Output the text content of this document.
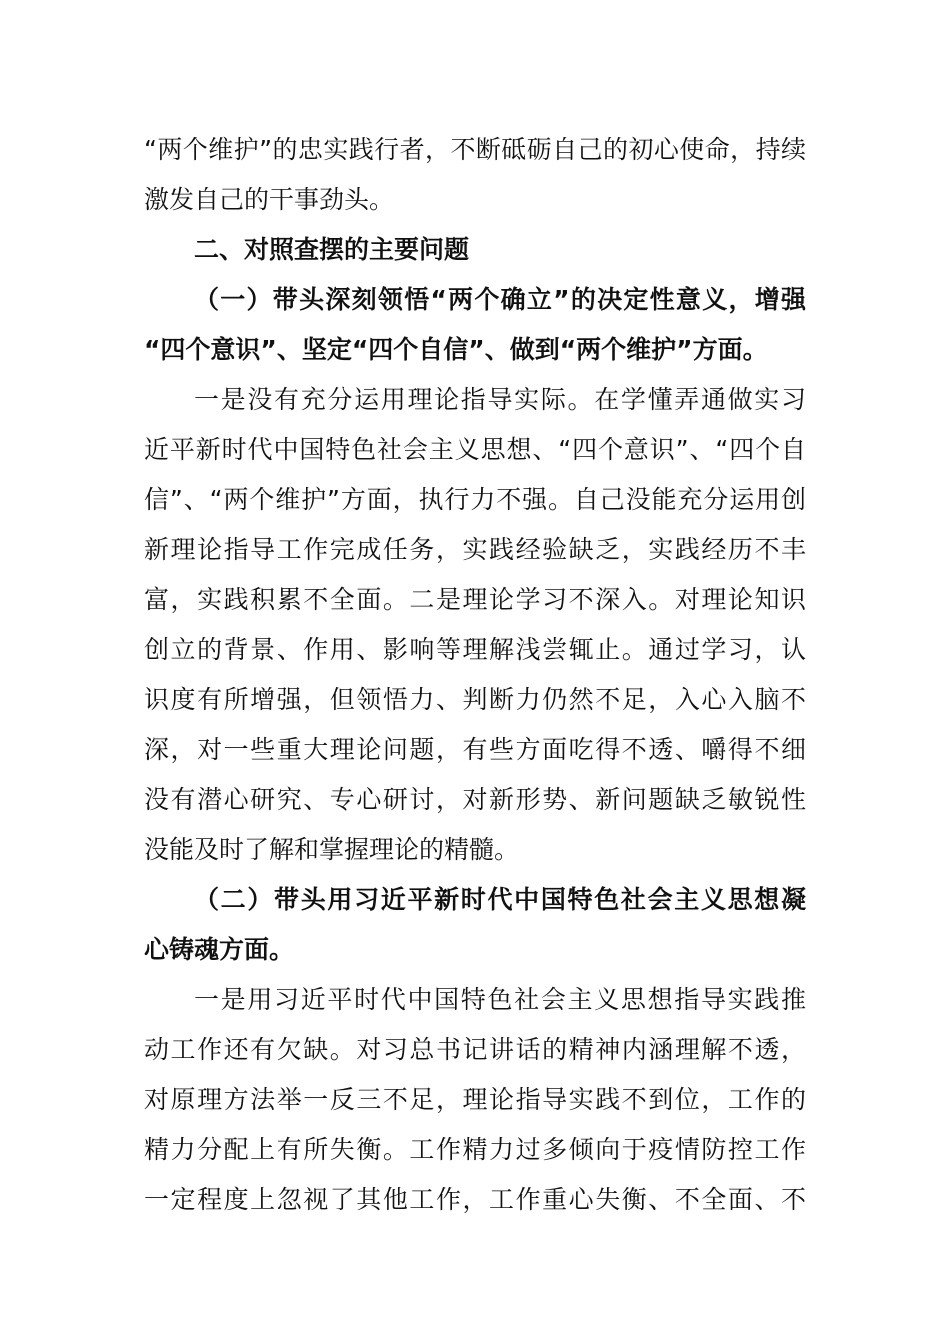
“两个维护”的忠实践行者，不断砥砺自己的初心使命，持续
激发自己的干事劲头。
二、对照查摆的主要问题
（一）带头深刻领悟“两个确立”的决定性意义，增强
“四个意识”、坚定“四个自信”、做到“两个维护”方面。
一是没有充分运用理论指导实际。在学懂弄通做实习
近平新时代中国特色社会主义思想、“四个意识”、“四个自
信”、“两个维护”方面，执行力不强。自己没能充分运用创
新理论指导工作完成任务，实践经验缺乏，实践经历不丰
富，实践积累不全面。二是理论学习不深入。对理论知识
创立的背景、作用、影响等理解浅尝辄止。通过学习，认
识度有所增强，但领悟力、判断力仍然不足，入心入脑不
深，对一些重大理论问题，有些方面吃得不透、嚼得不细
没有潜心研究、专心研讨，对新形势、新问题缺乏敏锐性
没能及时了解和掌握理论的精髓。
（二）带头用习近平新时代中国特色社会主义思想凝
心铸魂方面。
一是用习近平时代中国特色社会主义思想指导实践推
动工作还有欠缺。对习总书记讲话的精神内涵理解不透，
对原理方法举一反三不足，理论指导实践不到位，工作的
精力分配上有所失衡。工作精力过多倾向于疫情防控工作
一定程度上忽视了其他工作，工作重心失衡、不全面、不
